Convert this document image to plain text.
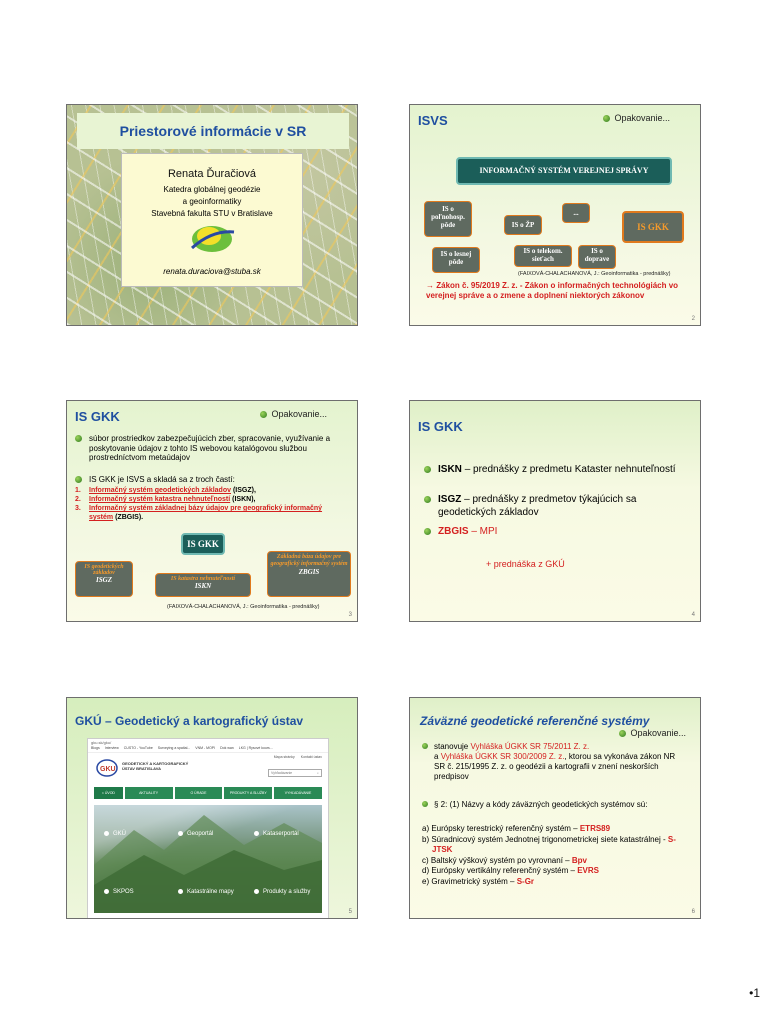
Priestorové informácie v SR
Renata Ďuračiová
Katedra globálnej geodézie
a geoinformatiky
Stavebná fakulta STU v Bratislave
renata.duraciova@stuba.sk
ISVS	Opakovanie...
INFORMAČNÝ SYSTÉM VEREJNEJ SPRÁVY
IS o poľnohosp. pôde	IS o ŽP
...
IS GKK
IS o lesnej pôde
IS o telekom. sieťach
IS o doprave
(FAIXOVÁ-CHALACHANOVÁ, J.: Geoinformatika - prednášky)
→ Zákon č. 95/2019 Z. z. - Zákon o informačných technológiách vo verejnej správe a o zmene a doplnení niektorých zákonov
2
IS GKK	Opakovanie...
súbor prostriedkov zabezpečujúcich zber, spracovanie, využívanie a poskytovanie údajov z tohto IS webovou katalógovou službou prostredníctvom metaúdajov
IS GKK je ISVS a skladá sa z troch častí:
1. Informačný systém geodetických základov (ISGZ),
2. Informačný systém katastra nehnuteľností (ISKN),
3. Informačný systém základnej bázy údajov pre geografický informačný systém (ZBGIS).
IS GKK
IS geodetických základov
ISGZ	IS katastra nehnuteľností
ISKN
Základná báza údajov pre geografický informačný systém
ZBGIS
(FAIXOVÁ-CHALACHANOVÁ, J.: Geoinformatika - prednášky)
3
IS GKK
ISKN – prednášky z predmetu Kataster nehnuteľností
ISGZ – prednášky z predmetov týkajúcich sa geodetických základov
ZBGIS – MPI
+ prednáška z GKÚ
4
GKÚ – Geodetický a kartografický ústav
gku.sk/gku/
Blogs Interview CUSTO - YouTube Surveying a spatial... VNM - MOPI Dok wan LKG | Rysové kours...
GKU
GEODETICKÝ A KARTOGRAFICKÝ
ÚSTAV BRATISLAVA
Mapa stránky Kontakt ústav
Vyhľadávanie	⌕
⌂ ÚVOD	AKTUALITY	O ÚRADE	PRODUKTY A SLUŽBY	VYHĽADÁVANIE
GKÚ	Geoportál	Kataserportál
SKPOS	Katastrálne mapy	Produkty a služby
5
Záväzné geodetické referenčné systémy
Opakovanie...
stanovuje Vyhláška ÚGKK SR 75/2011 Z. z.
a Vyhláška ÚGKK SR 300/2009 Z. z., ktorou sa vykonáva zákon NR SR č. 215/1995 Z. z. o geodézii a kartografii v znení neskorších predpisov
§ 2: (1) Názvy a kódy záväzných geodetických systémov sú:
a) Európsky terestrický referenčný systém – ETRS89
b) Súradnicový systém Jednotnej trigonometrickej siete katastrálnej - S-JTSK
c) Baltský výškový systém po vyrovnaní – Bpv
d) Európsky vertikálny referenčný systém – EVRS
e) Gravimetrický systém – S-Gr
6
•1
